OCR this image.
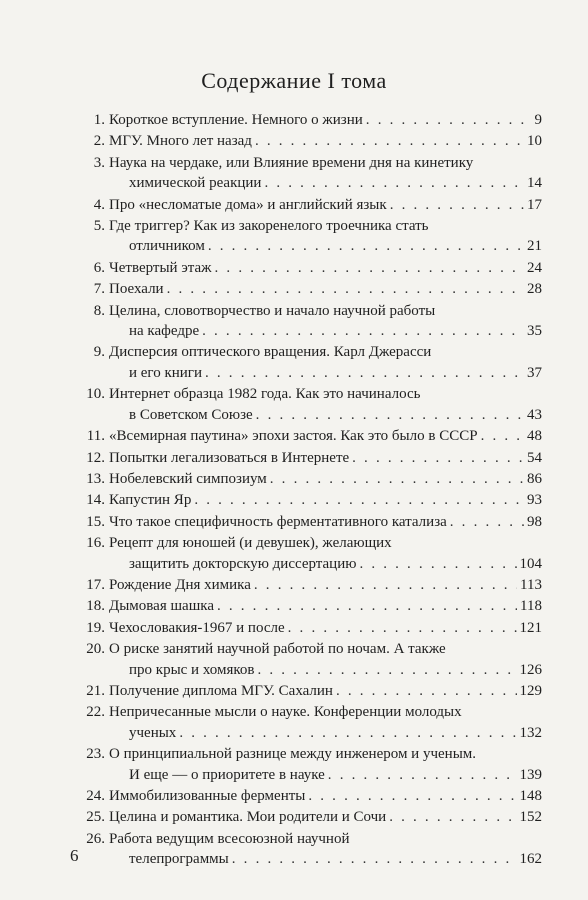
Содержание I тома
1. Короткое вступление. Немного о жизни . . .	9
2. МГУ. Много лет назад . . .	10
3. Наука на чердаке, или Влияние времени дня на кинетику
химической реакции . . .	14
4. Про «несломатые дома» и английский язык . . .	17
5. Где триггер? Как из закоренелого троечника стать
отличником . . .	21
6. Четвертый этаж . . .	24
7. Поехали . . .	28
8. Целина, словотворчество и начало научной работы
на кафедре . . .	35
9. Дисперсия оптического вращения. Карл Джерасси
и его книги . . .	37
10. Интернет образца 1982 года. Как это начиналось
в Советском Союзе . . .	43
11. «Всемирная паутина» эпохи застоя. Как это было в СССР . . .	48
12. Попытки легализоваться в Интернете . . .	54
13. Нобелевский симпозиум . . .	86
14. Капустин Яр . . .	93
15. Что такое специфичность ферментативного катализа . . .	98
16. Рецепт для юношей (и девушек), желающих
защитить докторскую диссертацию . . .	104
17. Рождение Дня химика . . .	113
18. Дымовая шашка . . .	118
19. Чехословакия-1967 и после . . .	121
20. О риске занятий научной работой по ночам. А также
про крыс и хомяков . . .	126
21. Получение диплома МГУ. Сахалин . . .	129
22. Непричесанные мысли о науке. Конференции молодых
ученых . . .	132
23. О принципиальной разнице между инженером и ученым.
И еще — о приоритете в науке . . .	139
24. Иммобилизованные ферменты . . .	148
25. Целина и романтика. Мои родители и Сочи . . .	152
26. Работа ведущим всесоюзной научной
телепрограммы . . .	162
6
